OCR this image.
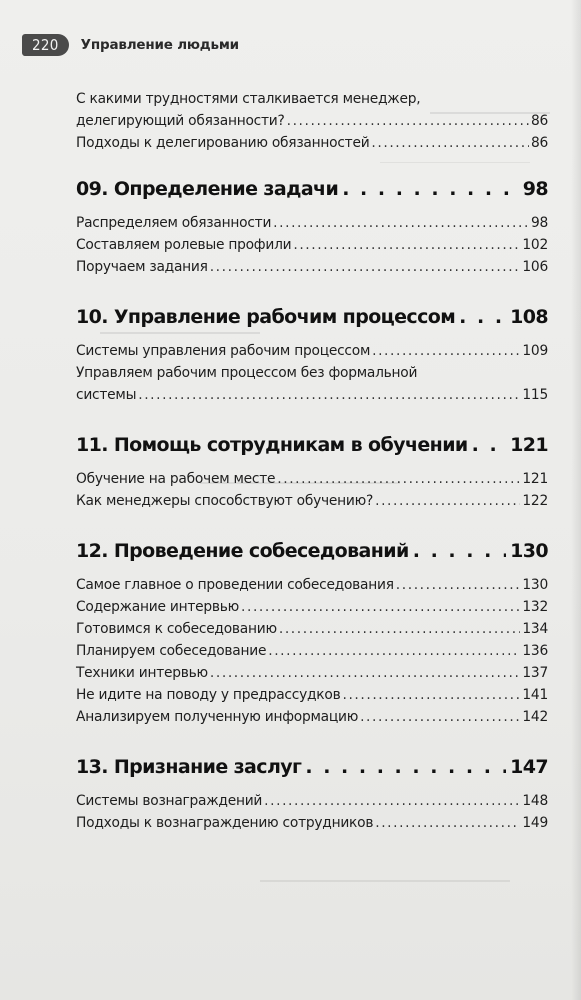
220	Управление людьми
С какими трудностями сталкивается менеджер,
делегирующий обязанности? . . .	86
Подходы к делегированию обязанностей . . .	86
09. Определение задачи . . .	98
Распределяем обязанности . . .	98
Составляем ролевые профили . . .	102
Поручаем задания . . .	106
10. Управление рабочим процессом . . .	108
Системы управления рабочим процессом . . .	109
Управляем рабочим процессом без формальной
системы . . .	115
11. Помощь сотрудникам в обучении . . . 121
Обучение на рабочем месте . . .	121
Как менеджеры способствуют обучению? . . .	122
12. Проведение собеседований . . .	130
Самое главное о проведении собеседования . . .	130
Содержание интервью . . .	132
Готовимся к собеседованию . . .	134
Планируем собеседование . . .	136
Техники интервью . . .	137
Не идите на поводу у предрассудков . . .	141
Анализируем полученную информацию . . .	142
13. Признание заслуг . . .	147
Системы вознаграждений . . .	148
Подходы к вознаграждению сотрудников . . .	149
